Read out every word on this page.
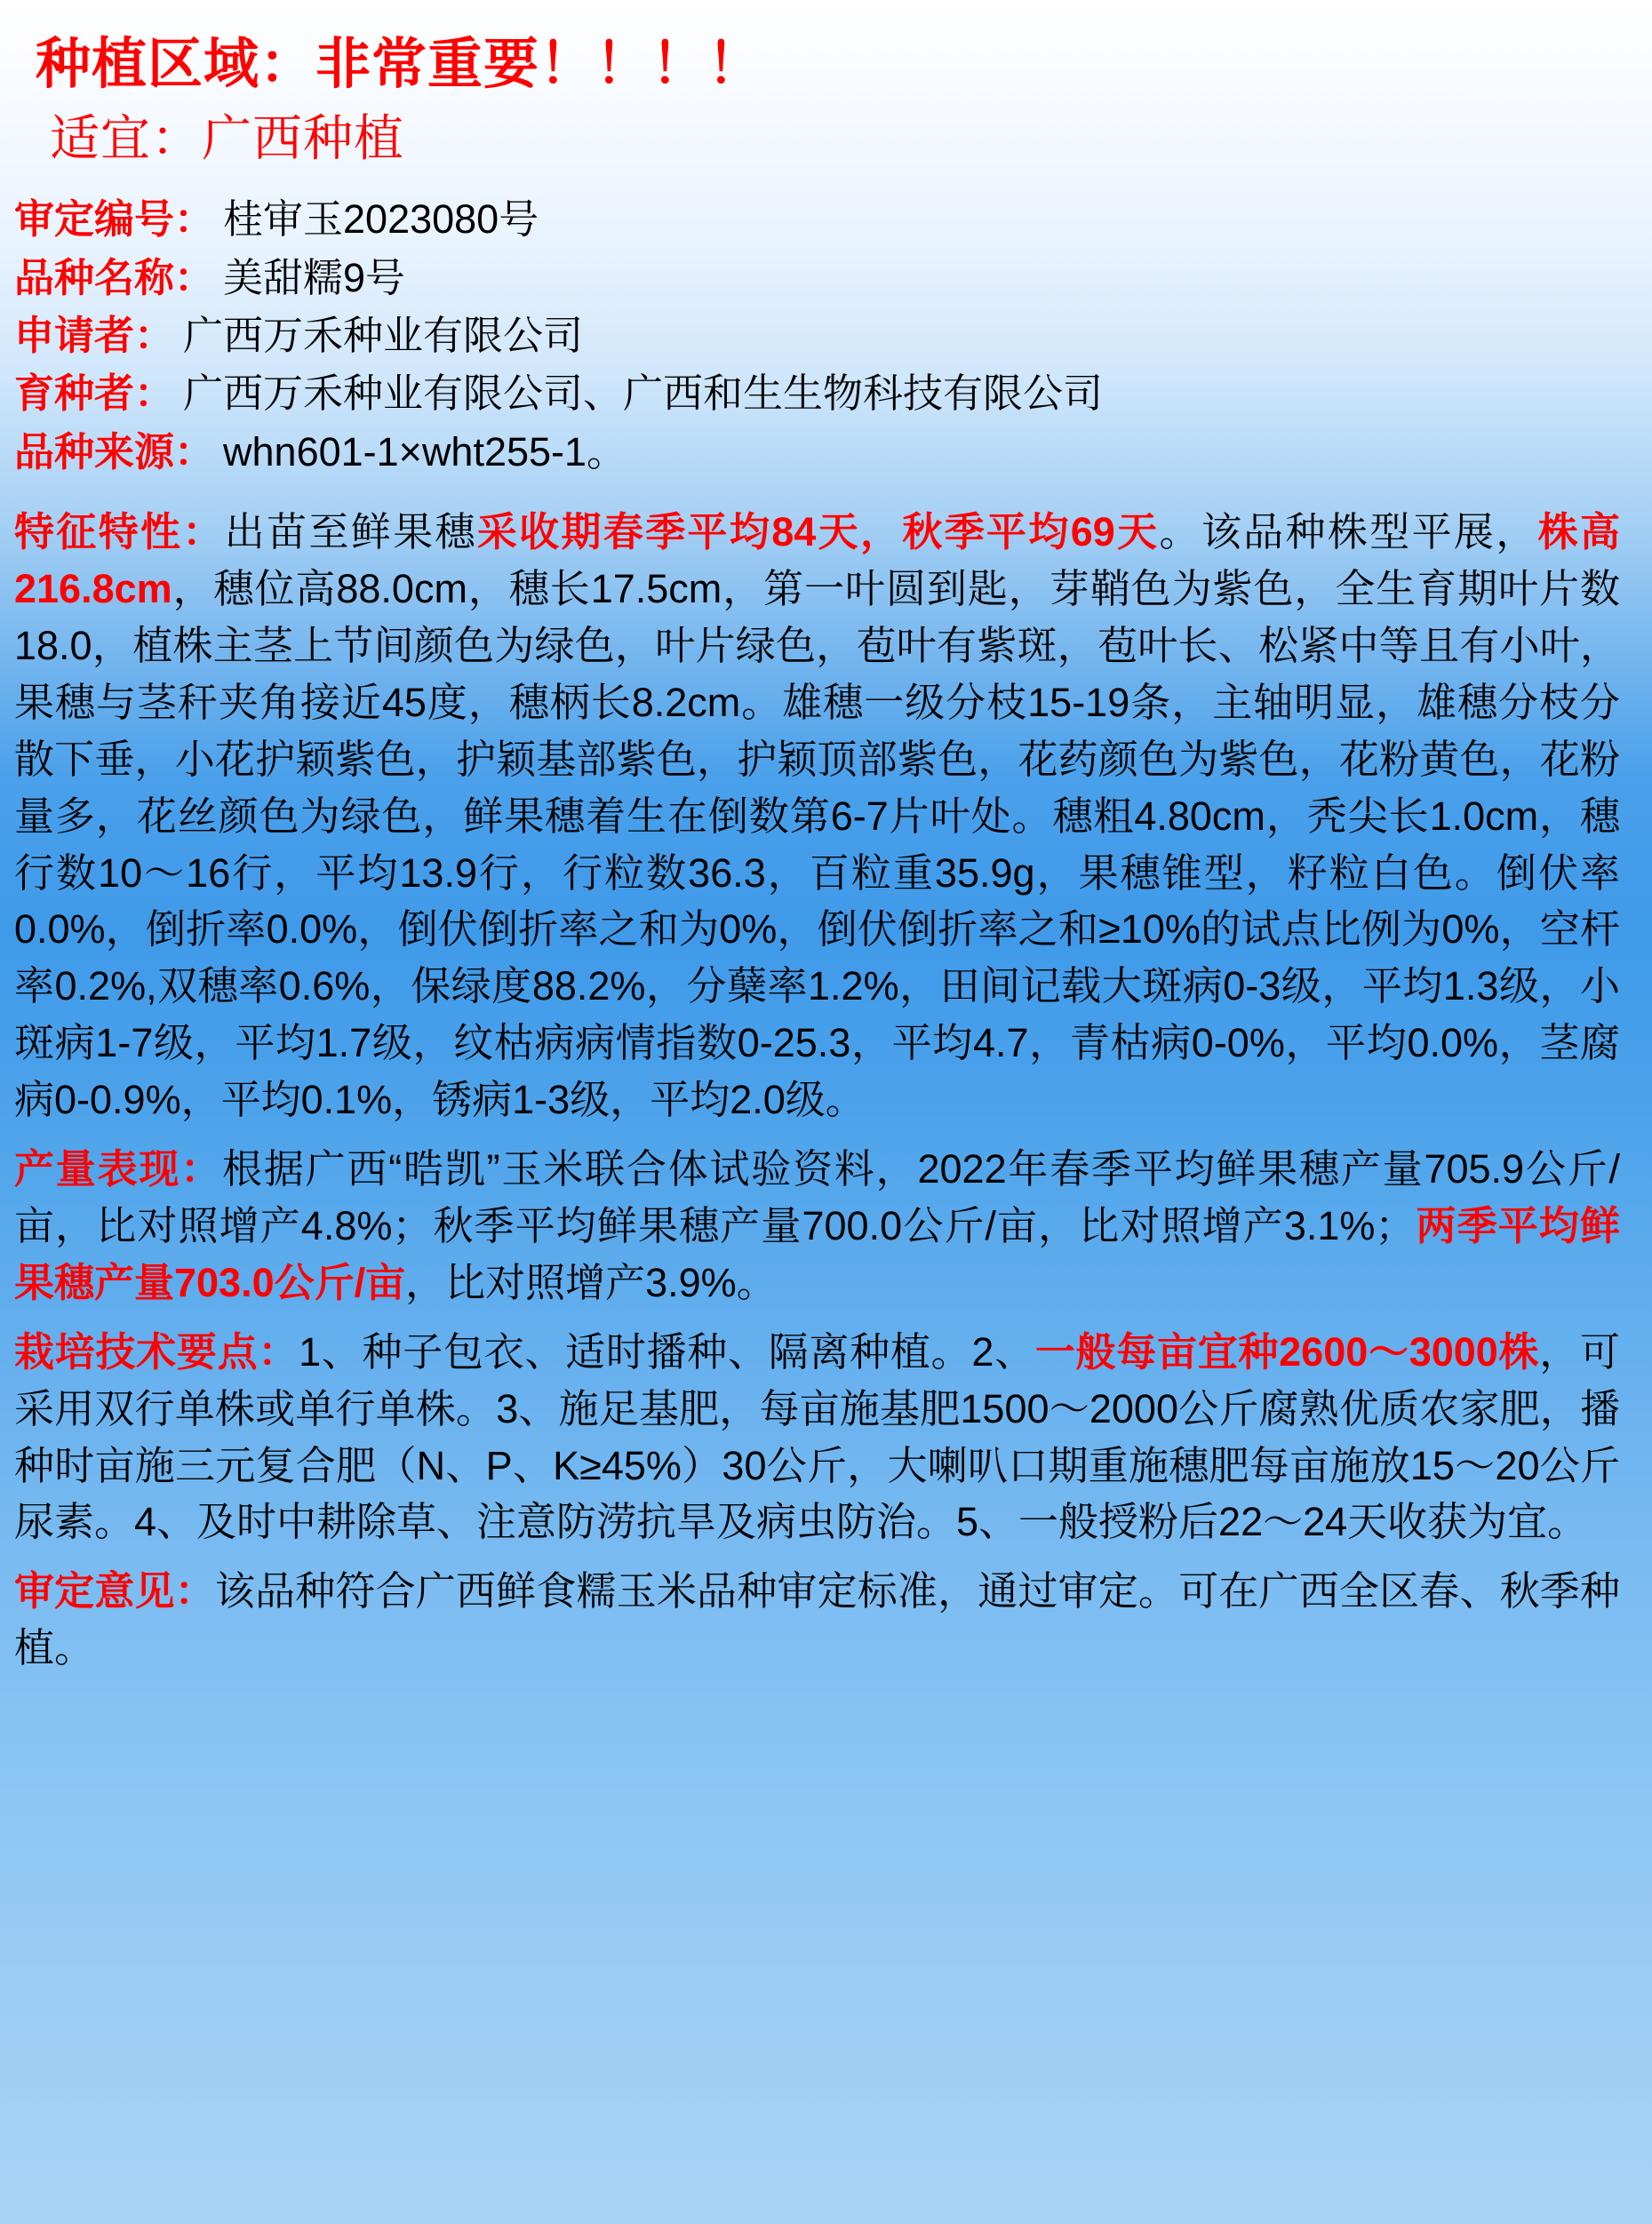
种植区域：非常重要！！！！
适宜：广西种植
审定编号： 桂审玉2023080号
品种名称： 美甜糯9号
申请者： 广西万禾种业有限公司
育种者： 广西万禾种业有限公司、广西和生生物科技有限公司
品种来源： whn601-1×wht255-1。
特征特性：出苗至鲜果穗采收期春季平均84天，秋季平均69天。该品种株型平展，株高216.8cm，穗位高88.0cm，穗长17.5cm，第一叶圆到匙，芽鞘色为紫色，全生育期叶片数18.0，植株主茎上节间颜色为绿色，叶片绿色，苞叶有紫斑，苞叶长、松紧中等且有小叶，果穗与茎秆夹角接近45度，穗柄长8.2cm。雄穗一级分枝15-19条，主轴明显，雄穗分枝分散下垂，小花护颖紫色，护颖基部紫色，护颖顶部紫色，花药颜色为紫色，花粉黄色，花粉量多，花丝颜色为绿色，鲜果穗着生在倒数第6-7片叶处。穗粗4.80cm，秃尖长1.0cm，穗行数10～16行，平均13.9行，行粒数36.3，百粒重35.9g，果穗锥型，籽粒白色。倒伏率0.0%，倒折率0.0%，倒伏倒折率之和为0%，倒伏倒折率之和≥10%的试点比例为0%，空杆率0.2%,双穗率0.6%，保绿度88.2%，分蘖率1.2%，田间记载大斑病0-3级，平均1.3级，小斑病1-7级，平均1.7级，纹枯病病情指数0-25.3，平均4.7，青枯病0-0%，平均0.0%，茎腐病0-0.9%，平均0.1%，锈病1-3级，平均2.0级。
产量表现：根据广西“晧凯”玉米联合体试验资料，2022年春季平均鲜果穗产量705.9公斤/亩，比对照增产4.8%；秋季平均鲜果穗产量700.0公斤/亩，比对照增产3.1%；两季平均鲜果穗产量703.0公斤/亩，比对照增产3.9%。
栽培技术要点：1、种子包衣、适时播种、隔离种植。2、一般每亩宜种2600～3000株，可采用双行单株或单行单株。3、施足基肥，每亩施基肥1500～2000公斤腐熟优质农家肥，播种时亩施三元复合肥（N、P、K≥45%）30公斤，大喇叭口期重施穗肥每亩施放15～20公斤尿素。4、及时中耕除草、注意防涝抗旱及病虫防治。5、一般授粉后22～24天收获为宜。
审定意见：该品种符合广西鲜食糯玉米品种审定标准，通过审定。可在广西全区春、秋季种植。
